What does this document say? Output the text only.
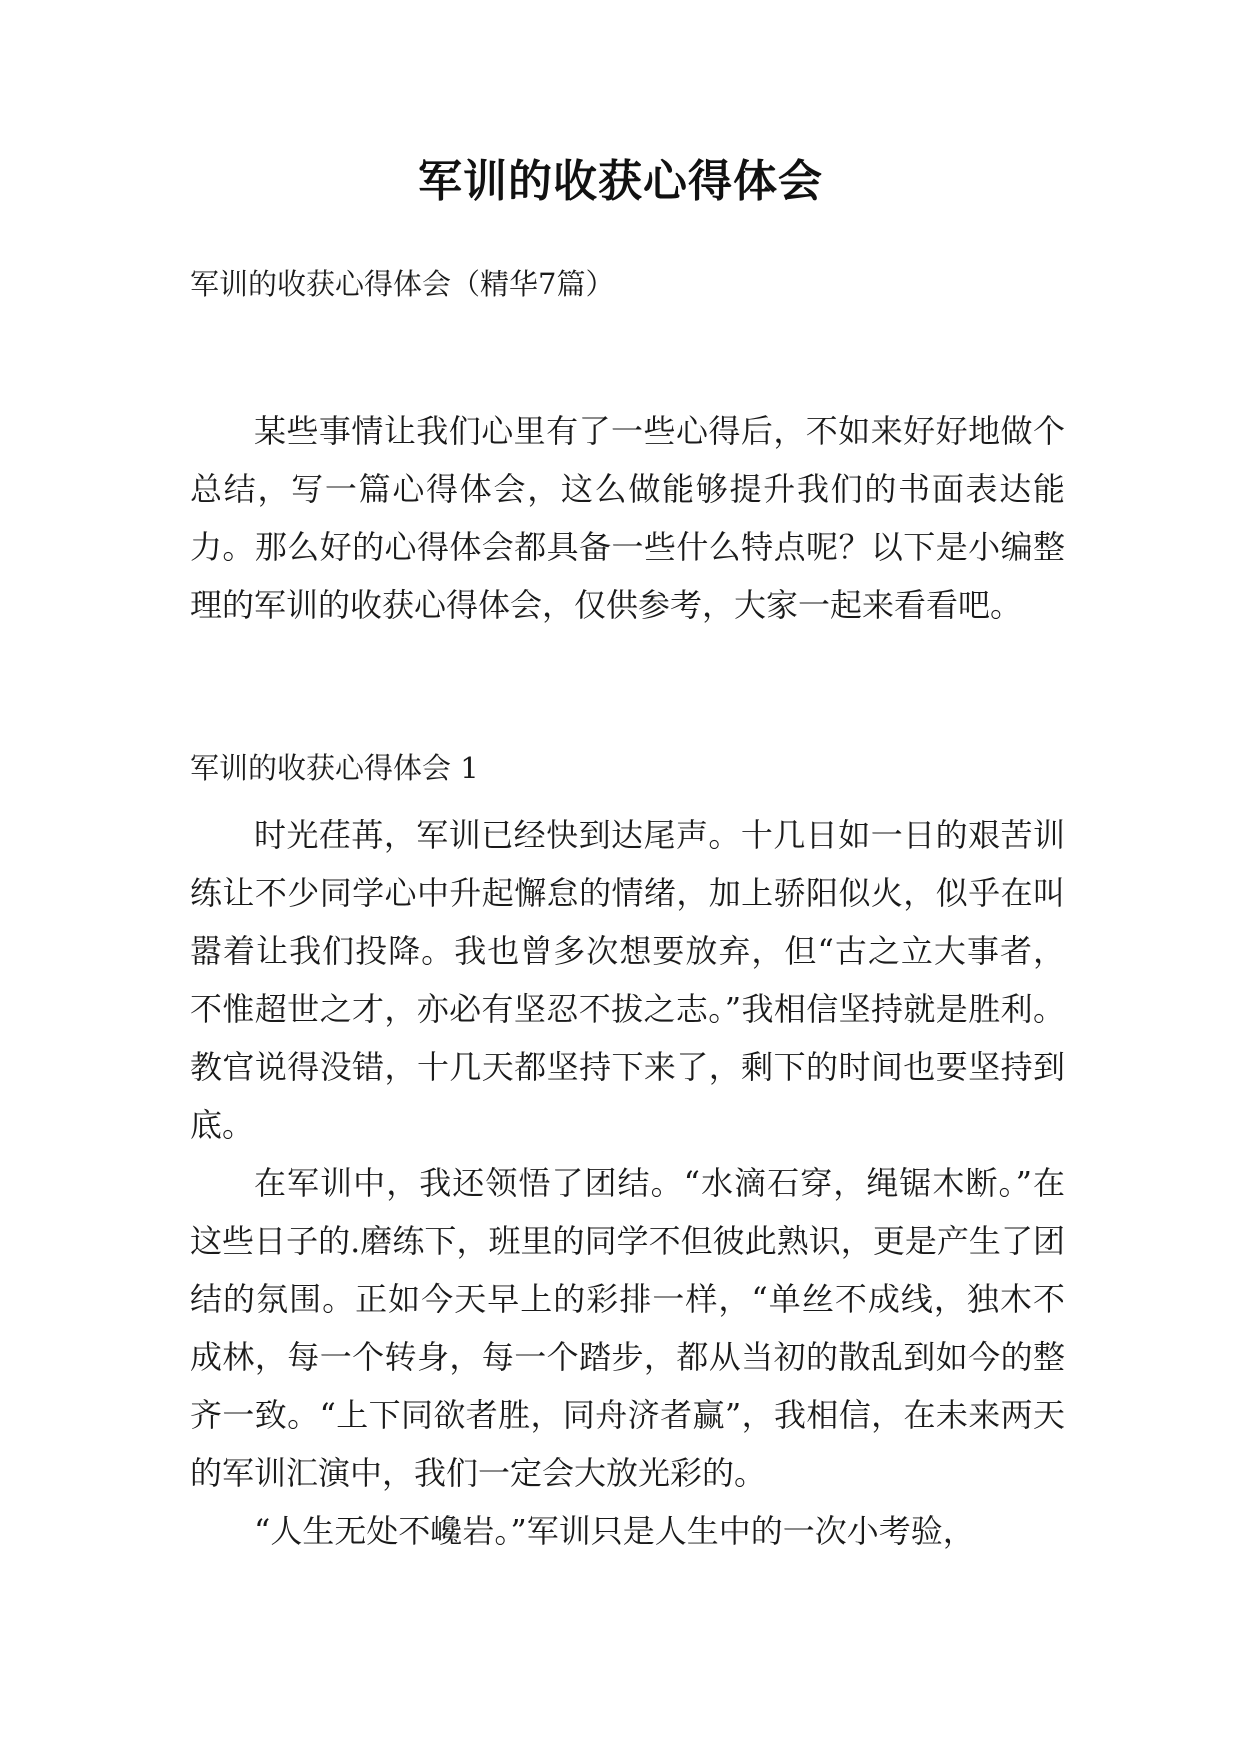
军训的收获心得体会
军训的收获心得体会（精华7篇）

某些事情让我们心里有了一些心得后，不如来好好地做个总结，写一篇心得体会，这么做能够提升我们的书面表达能力。那么好的心得体会都具备一些什么特点呢？以下是小编整理的军训的收获心得体会，仅供参考，大家一起来看看吧。

军训的收获心得体会 1

时光荏苒，军训已经快到达尾声。十几日如一日的艰苦训练让不少同学心中升起懈怠的情绪，加上骄阳似火，似乎在叫嚣着让我们投降。我也曾多次想要放弃，但“古之立大事者，不惟超世之才，亦必有坚忍不拔之志。”我相信坚持就是胜利。教官说得没错，十几天都坚持下来了，剩下的时间也要坚持到底。

在军训中，我还领悟了团结。“水滴石穿，绳锯木断。”在这些日子的.磨练下，班里的同学不但彼此熟识，更是产生了团结的氛围。正如今天早上的彩排一样，“单丝不成线，独木不成林，每一个转身，每一个踏步，都从当初的散乱到如今的整齐一致。“上下同欲者胜，同舟济者赢”，我相信，在未来两天的军训汇演中，我们一定会大放光彩的。

“人生无处不巉岩。”军训只是人生中的一次小考验，
